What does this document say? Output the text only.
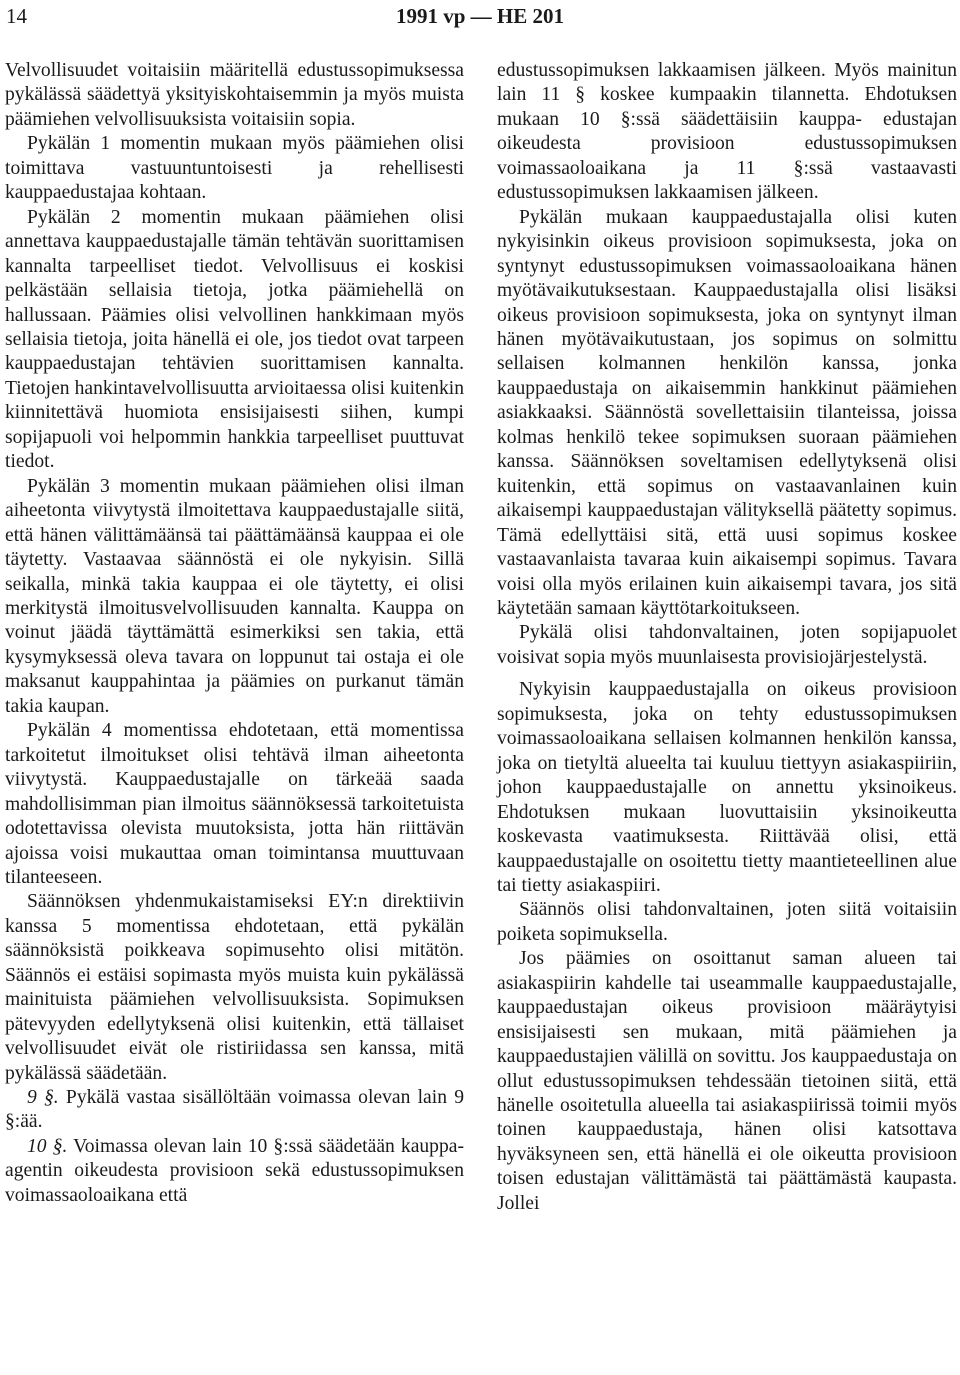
14	1991 vp — HE 201

Velvollisuudet voitaisiin määritellä edustussopimuksessa pykälässä säädettyä yksityiskohtaisemmin ja myös muista päämiehen velvollisuuksista voitaisiin sopia.

Pykälän 1 momentin mukaan myös päämiehen olisi toimittava vastuuntuntoisesti ja rehellisesti kauppaedustajaa kohtaan.

Pykälän 2 momentin mukaan päämiehen olisi annettava kauppaedustajalle tämän tehtävän suorittamisen kannalta tarpeelliset tiedot. Velvollisuus ei koskisi pelkästään sellaisia tietoja, jotka päämiehellä on hallussaan. Päämies olisi velvollinen hankkimaan myös sellaisia tietoja, joita hänellä ei ole, jos tiedot ovat tarpeen kauppaedustajan tehtävien suorittamisen kannalta. Tietojen hankintavelvollisuutta arvioitaessa olisi kuitenkin kiinnitettävä huomiota ensisijaisesti siihen, kumpi sopijapuoli voi helpommin hankkia tarpeelliset puuttuvat tiedot.

Pykälän 3 momentin mukaan päämiehen olisi ilman aiheetonta viivytystä ilmoitettava kauppaedustajalle siitä, että hänen välittämäänsä tai päättämäänsä kauppaa ei ole täytetty. Vastaavaa säännöstä ei ole nykyisin. Sillä seikalla, minkä takia kauppaa ei ole täytetty, ei olisi merkitystä ilmoitusvelvollisuuden kannalta. Kauppa on voinut jäädä täyttämättä esimerkiksi sen takia, että kysymyksessä oleva tavara on loppunut tai ostaja ei ole maksanut kauppahintaa ja päämies on purkanut tämän takia kaupan.

Pykälän 4 momentissa ehdotetaan, että momentissa tarkoitetut ilmoitukset olisi tehtävä ilman aiheetonta viivytystä. Kauppaedustajalle on tärkeää saada mahdollisimman pian ilmoitus säännöksessä tarkoitetuista odotettavissa olevista muutoksista, jotta hän riittävän ajoissa voisi mukauttaa oman toimintansa muuttuvaan tilanteeseen.

Säännöksen yhdenmukaistamiseksi EY:n direktiivin kanssa 5 momentissa ehdotetaan, että pykälän säännöksistä poikkeava sopimusehto olisi mitätön. Säännös ei estäisi sopimasta myös muista kuin pykälässä mainituista päämiehen velvollisuuksista. Sopimuksen pätevyyden edellytyksenä olisi kuitenkin, että tällaiset velvollisuudet eivät ole ristiriidassa sen kanssa, mitä pykälässä säädetään.

9 §. Pykälä vastaa sisällöltään voimassa olevan lain 9 §:ää.

10 §. Voimassa olevan lain 10 §:ssä säädetään kauppa-agentin oikeudesta provisioon sekä edustussopimuksen voimassaoloaikana että

edustussopimuksen lakkaamisen jälkeen. Myös mainitun lain 11 § koskee kumpaakin tilannetta. Ehdotuksen mukaan 10 §:ssä säädettäisiin kauppa- edustajan oikeudesta provisioon edustussopimuksen voimassaoloaikana ja 11 §:ssä vastaavasti edustussopimuksen lakkaamisen jälkeen.

Pykälän mukaan kauppaedustajalla olisi kuten nykyisinkin oikeus provisioon sopimuksesta, joka on syntynyt edustussopimuksen voimassaoloaikana hänen myötävaikutuksestaan. Kauppaedustajalla olisi lisäksi oikeus provisioon sopimuksesta, joka on syntynyt ilman hänen myötävaikutustaan, jos sopimus on solmittu sellaisen kolmannen henkilön kanssa, jonka kauppaedustaja on aikaisemmin hankkinut päämiehen asiakkaaksi. Säännöstä sovellettaisiin tilanteissa, joissa kolmas henkilö tekee sopimuksen suoraan päämiehen kanssa. Säännöksen soveltamisen edellytyksenä olisi kuitenkin, että sopimus on vastaavanlainen kuin aikaisempi kauppaedustajan välityksellä päätetty sopimus. Tämä edellyttäisi sitä, että uusi sopimus koskee vastaavanlaista tavaraa kuin aikaisempi sopimus. Tavara voisi olla myös erilainen kuin aikaisempi tavara, jos sitä käytetään samaan käyttötarkoitukseen.

Pykälä olisi tahdonvaltainen, joten sopijapuolet voisivat sopia myös muunlaisesta provisiojärjestelystä.

Nykyisin kauppaedustajalla on oikeus provisioon sopimuksesta, joka on tehty edustussopimuksen voimassaoloaikana sellaisen kolmannen henkilön kanssa, joka on tietyltä alueelta tai kuuluu tiettyyn asiakaspiiriin, johon kauppaedustajalle on annettu yksinoikeus. Ehdotuksen mukaan luovuttaisiin yksinoikeutta koskevasta vaatimuksesta. Riittävää olisi, että kauppaedustajalle on osoitettu tietty maantieteellinen alue tai tietty asiakaspiiri.

Säännös olisi tahdonvaltainen, joten siitä voitaisiin poiketa sopimuksella.

Jos päämies on osoittanut saman alueen tai asiakaspiirin kahdelle tai useammalle kauppaedustajalle, kauppaedustajan oikeus provisioon määräytyisi ensisijaisesti sen mukaan, mitä päämiehen ja kauppaedustajien välillä on sovittu. Jos kauppaedustaja on ollut edustussopimuksen tehdessään tietoinen siitä, että hänelle osoitetulla alueella tai asiakaspiirissä toimii myös toinen kauppaedustaja, hänen olisi katsottava hyväksyneen sen, että hänellä ei ole oikeutta provisioon toisen edustajan välittämästä tai päättämästä kaupasta. Jollei
